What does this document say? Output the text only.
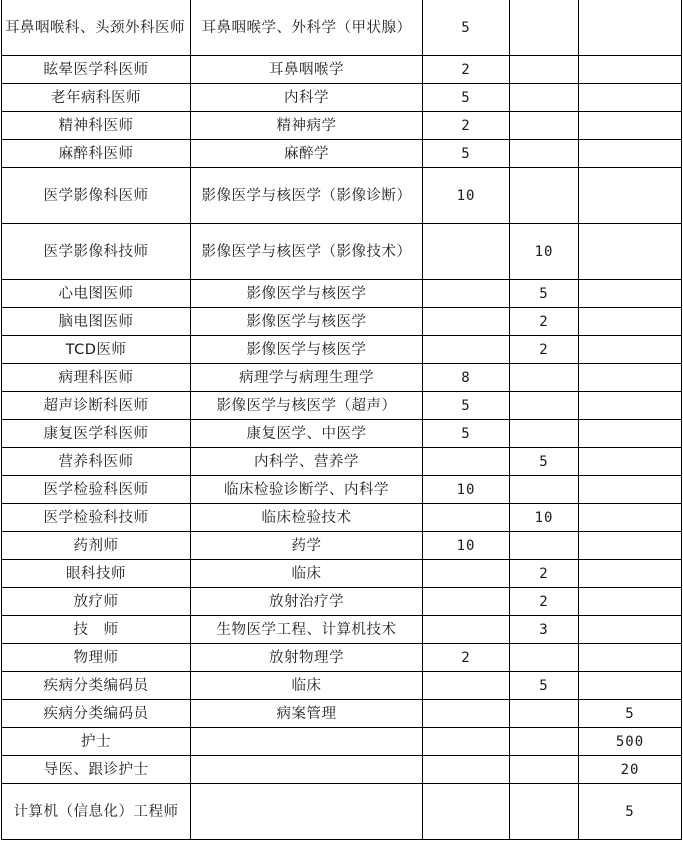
耳鼻咽喉科、头颈外科医师	耳鼻咽喉学、外科学（甲状腺）	5		
眩晕医学科医师	耳鼻咽喉学	2		
老年病科医师	内科学	5		
精神科医师	精神病学	2		
麻醉科医师	麻醉学	5		
医学影像科医师	影像医学与核医学（影像诊断）	10		
医学影像科技师	影像医学与核医学（影像技术）		10	
心电图医师	影像医学与核医学		5	
脑电图医师	影像医学与核医学		2	
TCD医师	影像医学与核医学		2	
病理科医师	病理学与病理生理学	8		
超声诊断科医师	影像医学与核医学（超声）	5		
康复医学科医师	康复医学、中医学	5		
营养科医师	内科学、营养学		5	
医学检验科医师	临床检验诊断学、内科学	10		
医学检验科技师	临床检验技术		10	
药剂师	药学	10		
眼科技师	临床		2	
放疗师	放射治疗学		2	
技　师	生物医学工程、计算机技术		3	
物理师	放射物理学	2		
疾病分类编码员	临床		5	
疾病分类编码员	病案管理			5
护士				500
导医、跟诊护士				20
计算机（信息化）工程师				5
